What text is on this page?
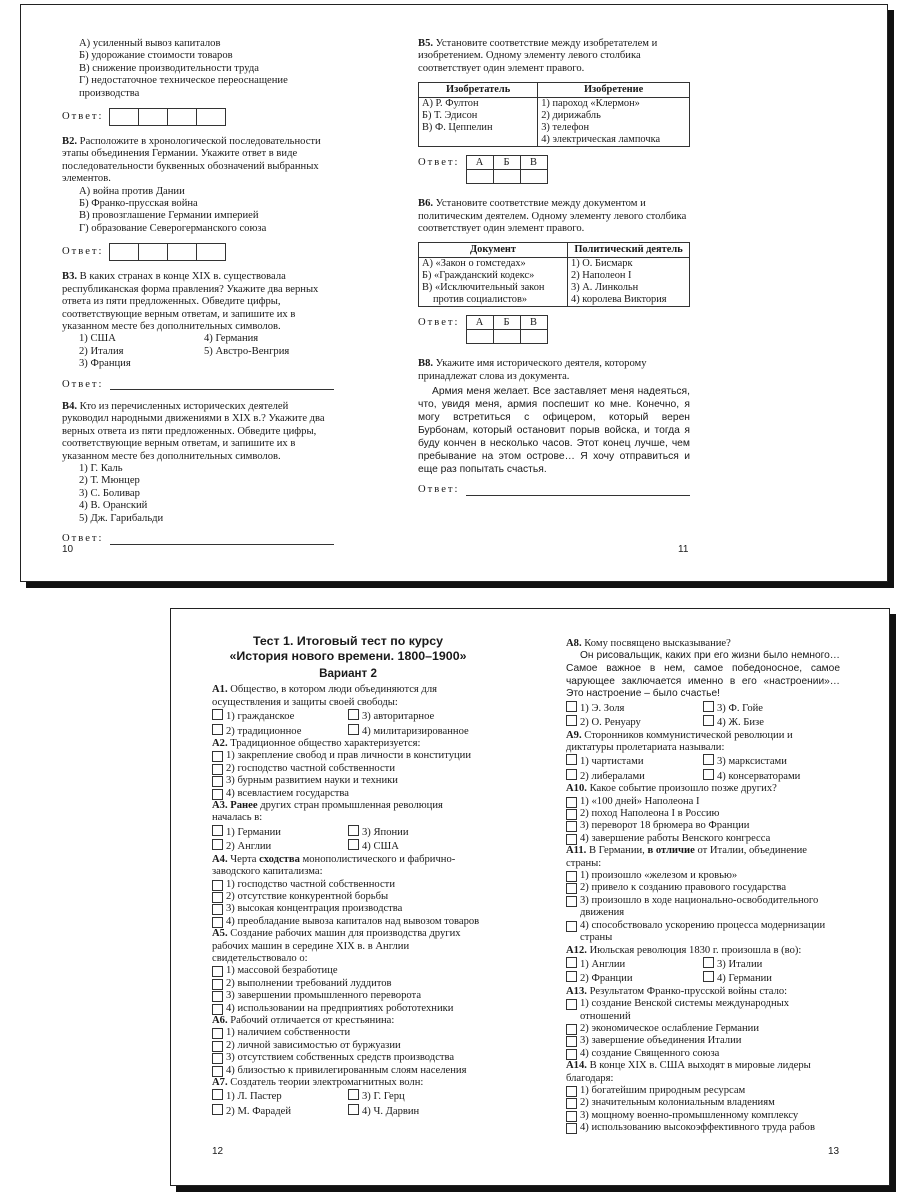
А) усиленный вывоз капиталов
Б) удорожание стоимости товаров
В) снижение производительности труда
Г) недостаточное техническое переоснащение производства
Ответ:

В2. Расположите в хронологической последовательности этапы объединения Германии. Укажите ответ в виде последовательности буквенных обозначений выбранных элементов.

А) война против Дании
Б) Франко-прусская война
В) провозглашение Германии империей
Г) образование Северогерманского союза
Ответ:

В3. В каких странах в конце XIX в. существовала республиканская форма правления? Укажите два верных ответа из пяти предложенных. Обведите цифры, соответствующие верным ответам, и запишите их в указанном месте без дополнительных символов.

1) США	4) Германия
2) Италия	5) Австро-Венгрия
3) Франция
Ответ:

В4. Кто из перечисленных исторических деятелей руководил народными движениями в XIX в.? Укажите два верных ответа из пяти предложенных. Обведите цифры, соответствующие верным ответам, и запишите их в указанном месте без дополнительных символов.

1) Г. Каль
2) Т. Мюнцер
3) С. Боливар
4) В. Оранский
5) Дж. Гарибальди
Ответ:
10

В5. Установите соответствие между изобретателем и изобретением. Одному элементу левого столбика соответствует один элемент правого.

Изобретатель	Изобретение
А) Р. Фултон	1) пароход «Клермон»
Б) Т. Эдисон	2) дирижабль
В) Ф. Цеппелин	3) телефон
	4) электрическая лампочка
Ответ: А	Б	В

В6. Установите соответствие между документом и политическим деятелем. Одному элементу левого столбика соответствует один элемент правого.

Документ	Политический деятель
А) «Закон о гомстедах»	1) О. Бисмарк
Б) «Гражданский кодекс»	2) Наполеон I
В) «Исключительный закон	3) А. Линкольн
против социалистов»	4) королева Виктория
Ответ: А	Б	В

В8. Укажите имя исторического деятеля, которому принадлежат слова из документа.

Армия меня желает. Все заставляет меня надеяться, что, увидя меня, армия поспешит ко мне. Конечно, я могу встретиться с офицером, который верен Бурбонам, который остановит порыв войска, и тогда я буду кончен в несколько часов. Этот конец лучше, чем пребывание на этом острове… Я хочу отправиться и еще раз попытать счастья.
Ответ:
11
Тест 1. Итоговый тест по курсу
«История нового времени. 1800–1900»
Вариант 2

А1. Общество, в котором люди объединяются для осуществления и защиты своей свободы:

1) гражданское
2) традиционное
3) авторитарное
4) милитаризированное

А2. Традиционное общество характеризуется:

1) закрепление свобод и прав личности в конституции
2) господство частной собственности
3) бурным развитием науки и техники
4) всевластием государства

А3. Ранее других стран промышленная революция началась в:

1) Германии
2) Англии
3) Японии
4) США

А4. Черта сходства монополистического и фабрично-заводского капитализма:

1) господство частной собственности
2) отсутствие конкурентной борьбы
3) высокая концентрация производства
4) преобладание вывоза капиталов над вывозом товаров

А5. Создание рабочих машин для производства других рабочих машин в середине XIX в. в Англии свидетельствовало о:

1) массовой безработице
2) выполнении требований луддитов
3) завершении промышленного переворота
4) использовании на предприятиях робототехники

А6. Рабочий отличается от крестьянина:

1) наличием собственности
2) личной зависимостью от буржуазии
3) отсутствием собственных средств производства
4) близостью к привилегированным слоям населения

А7. Создатель теории электромагнитных волн:

1) Л. Пастер
2) М. Фарадей
3) Г. Герц
4) Ч. Дарвин
12

А8. Кому посвящено высказывание?

Он рисовальщик, каких при его жизни было немного… Самое важное в нем, самое победоносное, самое чарующее заключается именно в его «настроении»… Это настроение – было счастье!
1) Э. Золя
2) О. Ренуару
3) Ф. Гойе
4) Ж. Бизе

А9. Сторонников коммунистической революции и диктатуры пролетариата называли:

1) чартистами
2) либералами
3) марксистами
4) консерваторами

А10. Какое событие произошло позже других?

1) «100 дней» Наполеона I
2) поход Наполеона I в Россию
3) переворот 18 брюмера во Франции
4) завершение работы Венского конгресса

А11. В Германии, в отличие от Италии, объединение страны:

1) произошло «железом и кровью»
2) привело к созданию правового государства
3) произошло в ходе национально-освободительного движения
4) способствовало ускорению процесса модернизации страны

А12. Июльская революция 1830 г. произошла в (во):

1) Англии
2) Франции
3) Италии
4) Германии

А13. Результатом Франко-прусской войны стало:

1) создание Венской системы международных отношений
2) экономическое ослабление Германии
3) завершение объединения Италии
4) создание Священного союза

А14. В конце XIX в. США выходят в мировые лидеры благодаря:

1) богатейшим природным ресурсам
2) значительным колониальным владениям
3) мощному военно-промышленному комплексу
4) использованию высокоэффективного труда рабов
13
